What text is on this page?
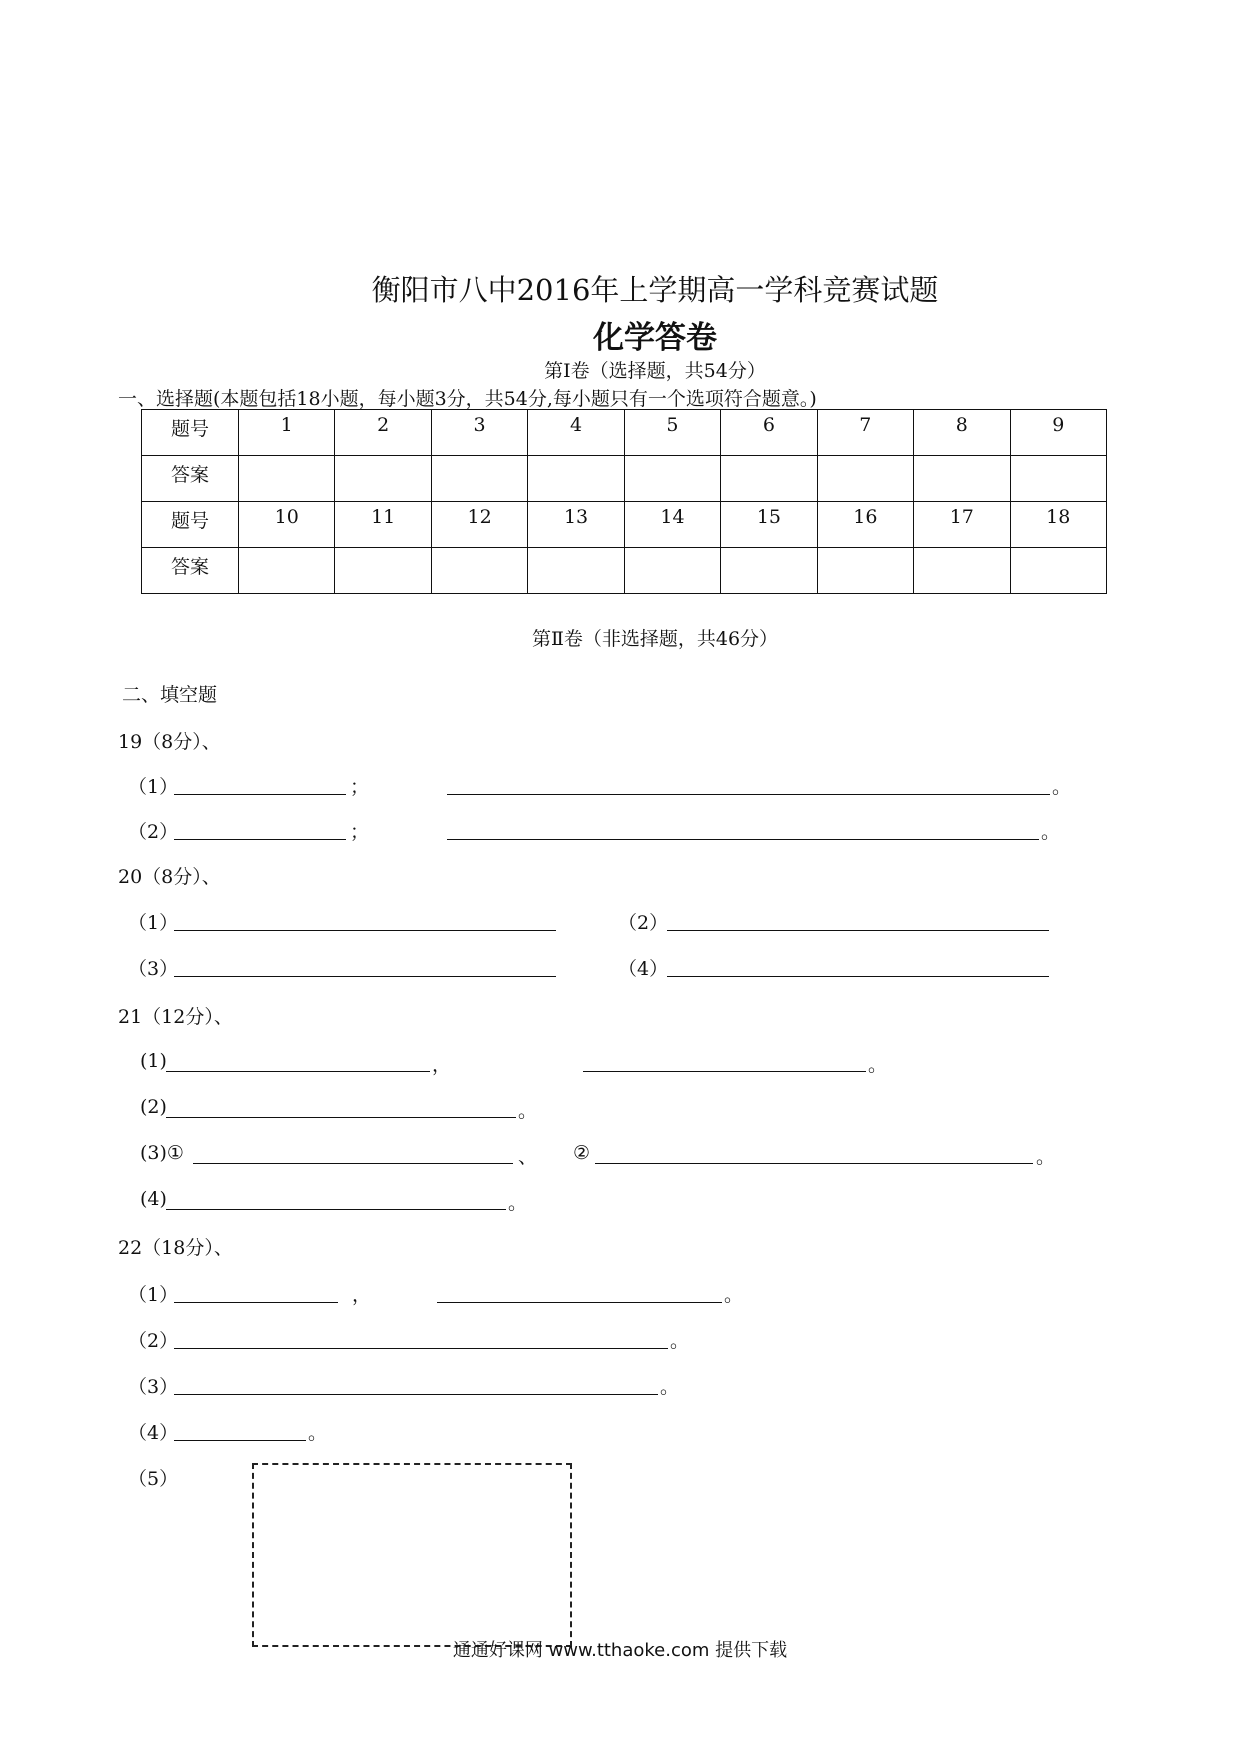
衡阳市八中2016年上学期高一学科竞赛试题
化学答卷
第Ⅰ卷（选择题，共54分）
一、选择题(本题包括18小题，每小题3分，共54分,每小题只有一个选项符合题意。)
题号	1	2	3	4	5	6	7	8	9
答案									
题号	10	11	12	13	14	15	16	17	18
答案									
第Ⅱ卷（非选择题，共46分）
二、填空题
19（8分）、
（1）	；	。
（2）	；	。
20（8分）、
（1）	（2）
（3）	（4）
21（12分）、
(1)	，	。
(2)	。
(3)①	、 ②	。
(4)	。
22（18分）、
（1）	，	。
（2）	。
（3）	。
（4）	。
（5）
通通好课网 www.tthaoke.com 提供下载
